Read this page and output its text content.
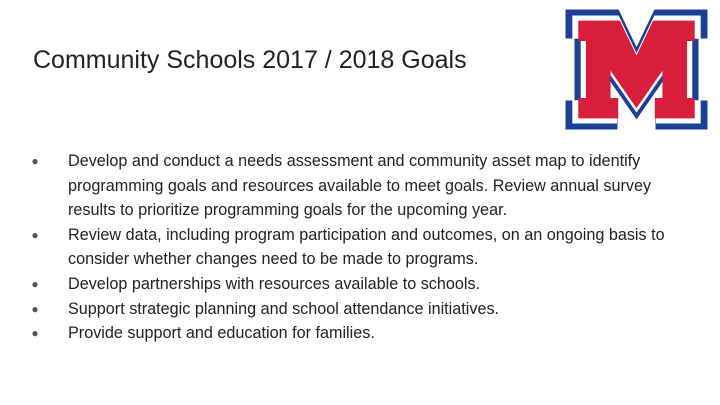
Community Schools 2017 / 2018 Goals
● Develop and conduct a needs assessment and community asset map to identify programming goals and resources available to meet goals. Review annual survey results to prioritize programming goals for the upcoming year.
● Review data, including program participation and outcomes, on an ongoing basis to consider whether changes need to be made to programs.
● Develop partnerships with resources available to schools.
● Support strategic planning and school attendance initiatives.
● Provide support and education for families.
